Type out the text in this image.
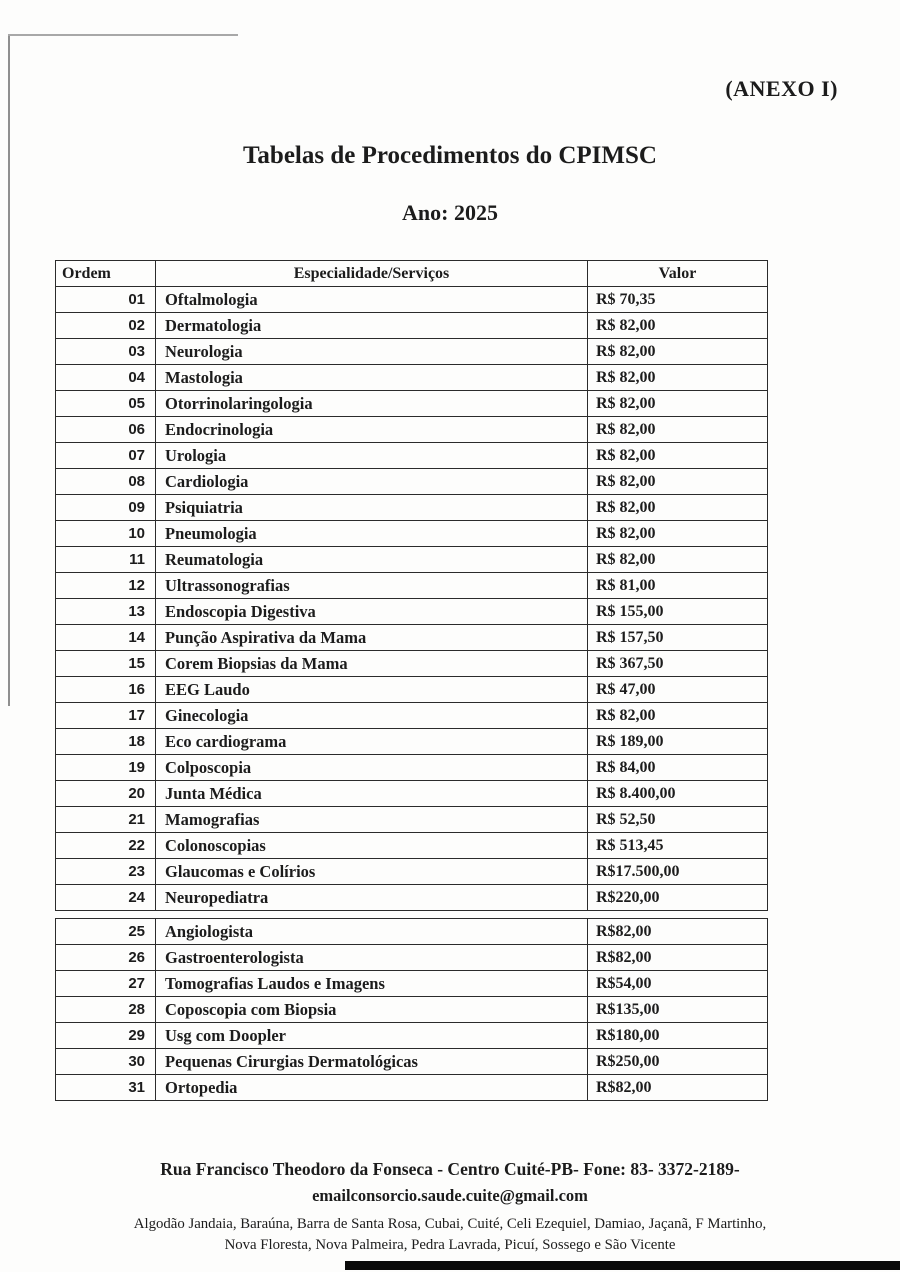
(ANEXO I)
Tabelas de Procedimentos do CPIMSC
Ano: 2025
Ordem	Especialidade/Serviços	Valor
01	Oftalmologia	R$ 70,35
02	Dermatologia	R$ 82,00
03	Neurologia	R$ 82,00
04	Mastologia	R$ 82,00
05	Otorrinolaringologia	R$ 82,00
06	Endocrinologia	R$ 82,00
07	Urologia	R$ 82,00
08	Cardiologia	R$ 82,00
09	Psiquiatria	R$ 82,00
10	Pneumologia	R$ 82,00
11	Reumatologia	R$ 82,00
12	Ultrassonografias	R$ 81,00
13	Endoscopia Digestiva	R$ 155,00
14	Punção Aspirativa da Mama	R$ 157,50
15	Corem Biopsias da Mama	R$ 367,50
16	EEG Laudo	R$ 47,00
17	Ginecologia	R$ 82,00
18	Eco cardiograma	R$ 189,00
19	Colposcopia	R$ 84,00
20	Junta Médica	R$ 8.400,00
21	Mamografias	R$ 52,50
22	Colonoscopias	R$ 513,45
23	Glaucomas e Colírios	R$17.500,00
24	Neuropediatra	R$220,00
25	Angiologista	R$82,00
26	Gastroenterologista	R$82,00
27	Tomografias Laudos e Imagens	R$54,00
28	Coposcopia com Biopsia	R$135,00
29	Usg com Doopler	R$180,00
30	Pequenas Cirurgias Dermatológicas	R$250,00
31	Ortopedia	R$82,00
Rua Francisco Theodoro da Fonseca - Centro Cuité-PB- Fone: 83- 3372-2189-
emailconsorcio.saude.cuite@gmail.com
Algodão Jandaia, Baraúna, Barra de Santa Rosa, Cubai, Cuité, Celi Ezequiel, Damiao, Jaçanã, F Martinho,
Nova Floresta, Nova Palmeira, Pedra Lavrada, Picuí, Sossego e São Vicente
